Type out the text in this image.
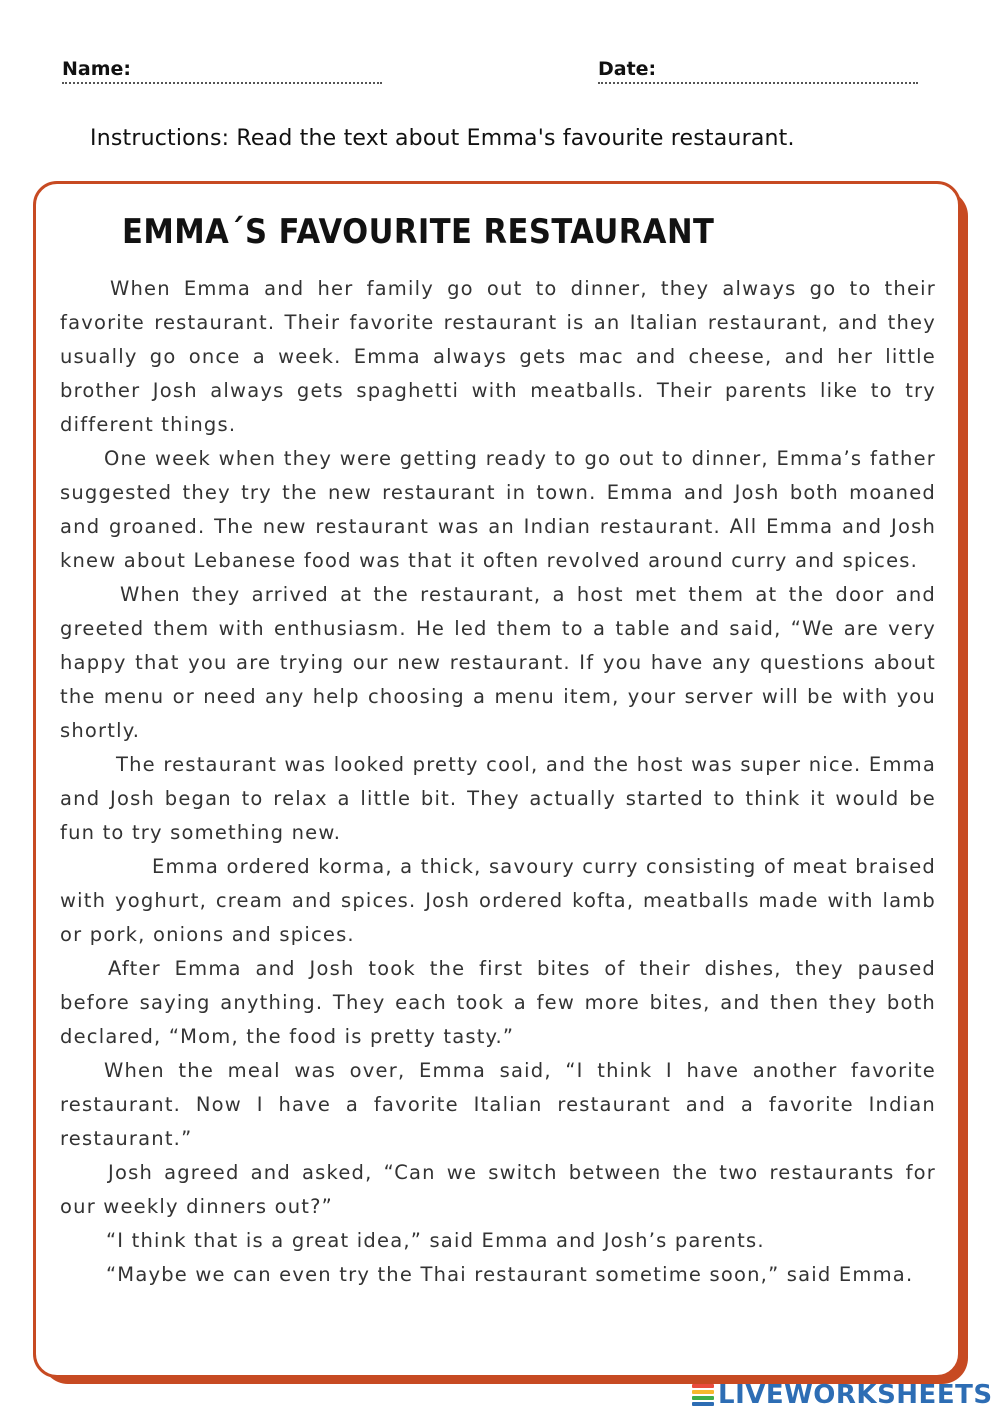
Name:	Date:
Instructions: Read the text about Emma's favourite restaurant.
EMMA´S FAVOURITE RESTAURANT

When Emma and her family go out to dinner, they always go to their favorite restaurant. Their favorite restaurant is an Italian restaurant, and they usually go once a week. Emma always gets mac and cheese, and her little brother Josh always gets spaghetti with meatballs. Their parents like to try different things.

One week when they were getting ready to go out to dinner, Emma’s father suggested they try the new restaurant in town. Emma and Josh both moaned and groaned. The new restaurant was an Indian restaurant. All Emma and Josh knew about Lebanese food was that it often revolved around curry and spices.

When they arrived at the restaurant, a host met them at the door and greeted them with enthusiasm. He led them to a table and said, “We are very happy that you are trying our new restaurant. If you have any questions about the menu or need any help choosing a menu item, your server will be with you shortly.

The restaurant was looked pretty cool, and the host was super nice. Emma and Josh began to relax a little bit. They actually started to think it would be fun to try something new.

Emma ordered korma, a thick, savoury curry consisting of meat braised with yoghurt, cream and spices. Josh ordered kofta, meatballs made with lamb or pork, onions and spices.

After Emma and Josh took the first bites of their dishes, they paused before saying anything. They each took a few more bites, and then they both declared, “Mom, the food is pretty tasty.”

When the meal was over, Emma said, “I think I have another favorite restaurant. Now I have a favorite Italian restaurant and a favorite Indian restaurant.”

Josh agreed and asked, “Can we switch between the two restaurants for our weekly dinners out?”

“I think that is a great idea,” said Emma and Josh’s parents.

“Maybe we can even try the Thai restaurant sometime soon,” said Emma.

LIVEWORKSHEETS
